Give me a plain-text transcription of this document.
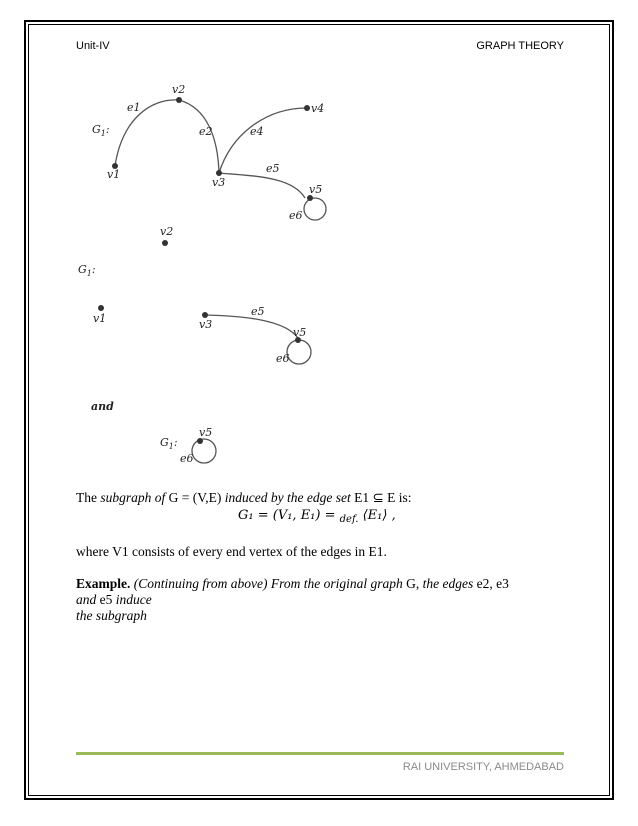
Unit-IV	GRAPH THEORY
$G_1$:
v1
v2
v3
v4
v5
e1
e2	e4
e5
e6
$G_1$:
v1
v2
v3
v5
e5
e6
and
$G_1$:
v5
e6
The subgraph of G = (V,E) induced by the edge set E1 ⊆ E is:
G₁ = (V₁, E₁) = $_{def.}$ ⟨E₁⟩ ,
where V1 consists of every end vertex of the edges in E1.
Example. (Continuing from above) From the original graph G, the edges e2, e3
and e5 induce
the subgraph
RAI UNIVERSITY, AHMEDABAD
